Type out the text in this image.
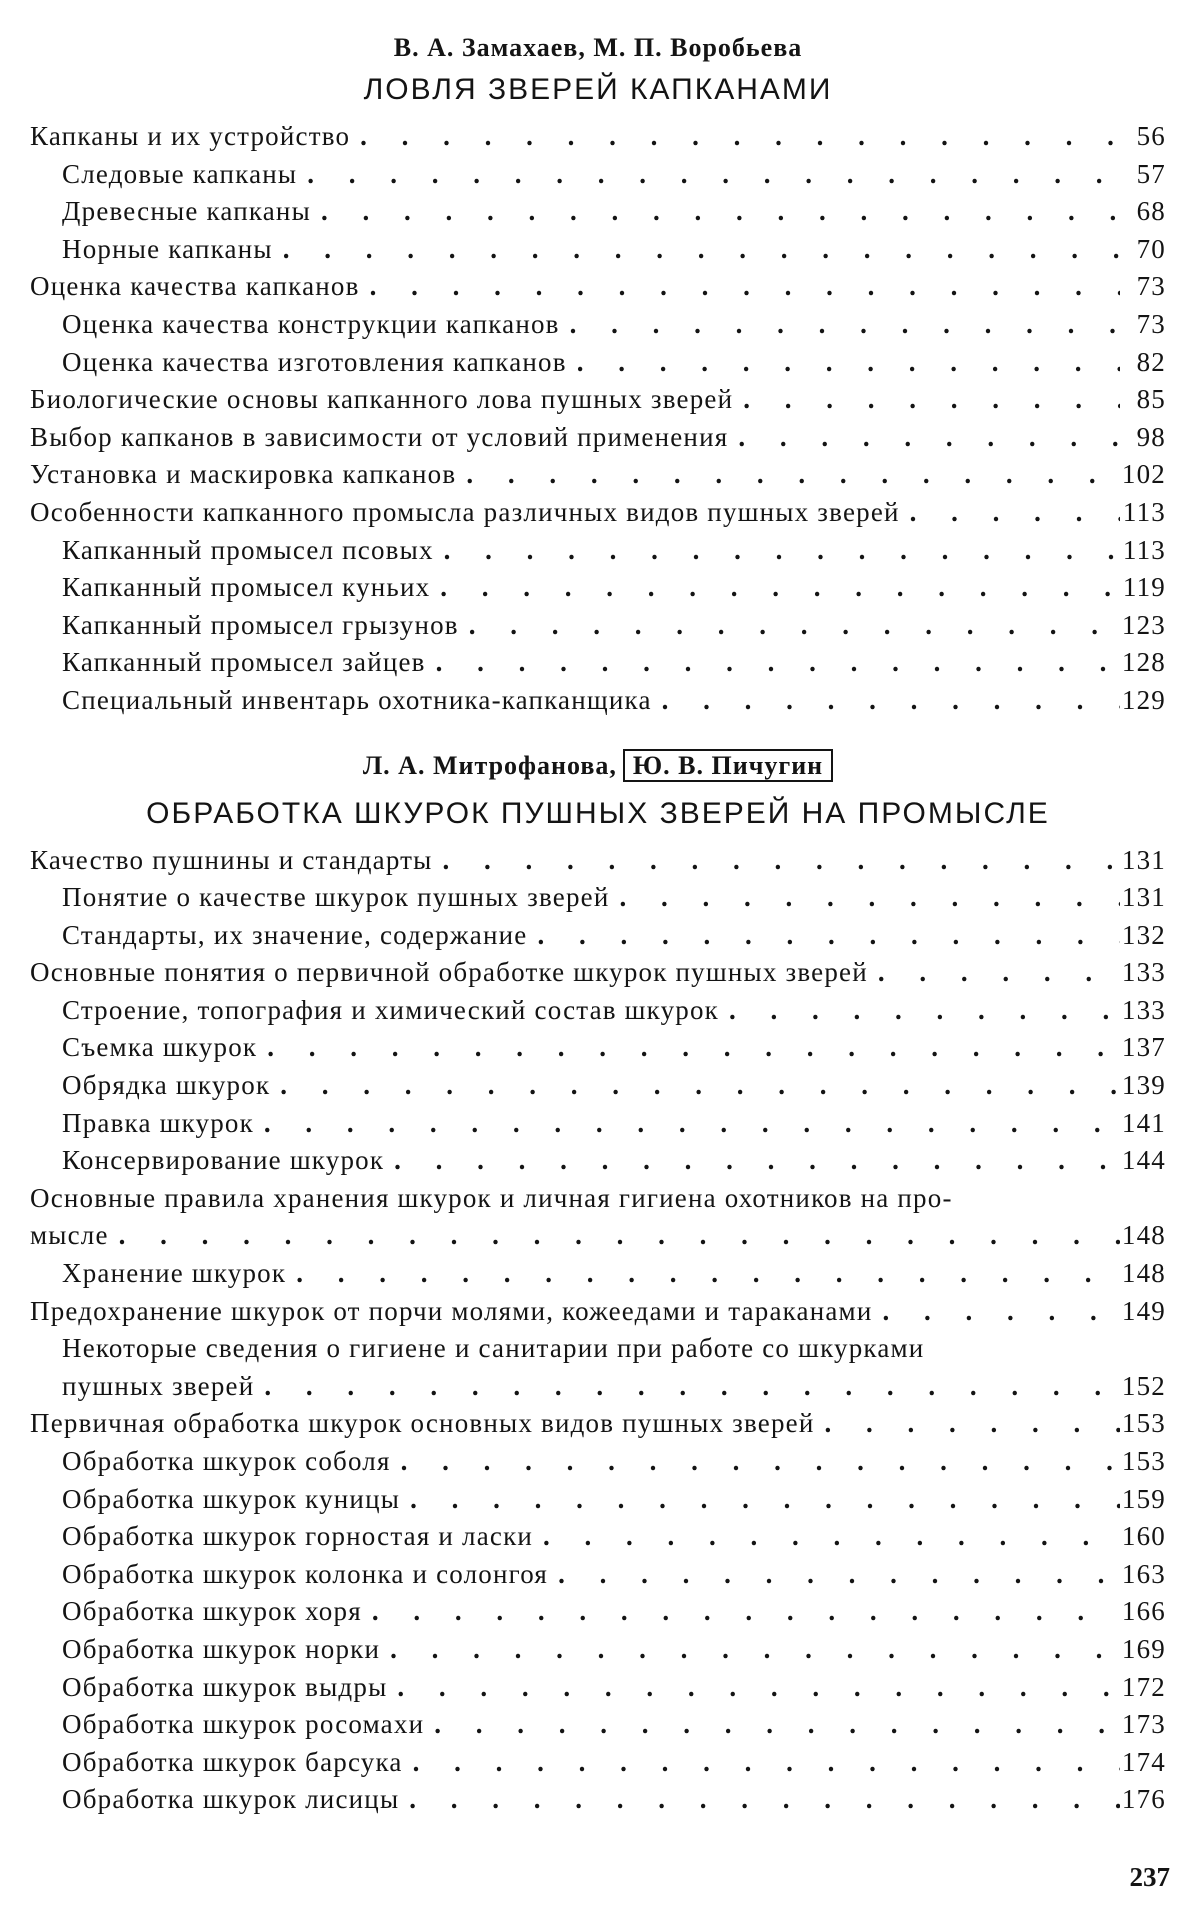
В. А. Замахаев, М. П. Воробьева
ЛОВЛЯ ЗВЕРЕЙ КАПКАНАМИ
Капканы и их устройство . . .	56
Следовые капканы . . .	57
Древесные капканы . . .	68
Норные капканы . . .	70
Оценка качества капканов . . .	73
Оценка качества конструкции капканов . . .	73
Оценка качества изготовления капканов . . .	82
Биологические основы капканного лова пушных зверей . . .	85
Выбор капканов в зависимости от условий применения . . .	98
Установка и маскировка капканов . . .	102
Особенности капканного промысла различных видов пушных зверей . . .	113
Капканный промысел псовых . . .	113
Капканный промысел куньих . . .	119
Капканный промысел грызунов . . .	123
Капканный промысел зайцев . . .	128
Специальный инвентарь охотника-капканщика . . .	129
Л. А. Митрофанова, Ю. В. Пичугин
ОБРАБОТКА ШКУРОК ПУШНЫХ ЗВЕРЕЙ НА ПРОМЫСЛЕ
Качество пушнины и стандарты . . .	131
Понятие о качестве шкурок пушных зверей . . .	131
Стандарты, их значение, содержание . . .	132
Основные понятия о первичной обработке шкурок пушных зверей . . .	133
Строение, топография и химический состав шкурок . . .	133
Съемка шкурок . . .	137
Обрядка шкурок . . .	139
Правка шкурок . . .	141
Консервирование шкурок . . .	144
Основные правила хранения шкурок и личная гигиена охотников на про-
мысле . . .	148
Хранение шкурок . . .	148
Предохранение шкурок от порчи молями, кожеедами и тараканами . . .	149
Некоторые сведения о гигиене и санитарии при работе со шкурками
пушных зверей . . .	152
Первичная обработка шкурок основных видов пушных зверей . . .	153
Обработка шкурок соболя . . .	153
Обработка шкурок куницы . . .	159
Обработка шкурок горностая и ласки . . .	160
Обработка шкурок колонка и солонгоя . . .	163
Обработка шкурок хоря . . .	166
Обработка шкурок норки . . .	169
Обработка шкурок выдры . . .	172
Обработка шкурок росомахи . . .	173
Обработка шкурок барсука . . .	174
Обработка шкурок лисицы . . .	176
237
